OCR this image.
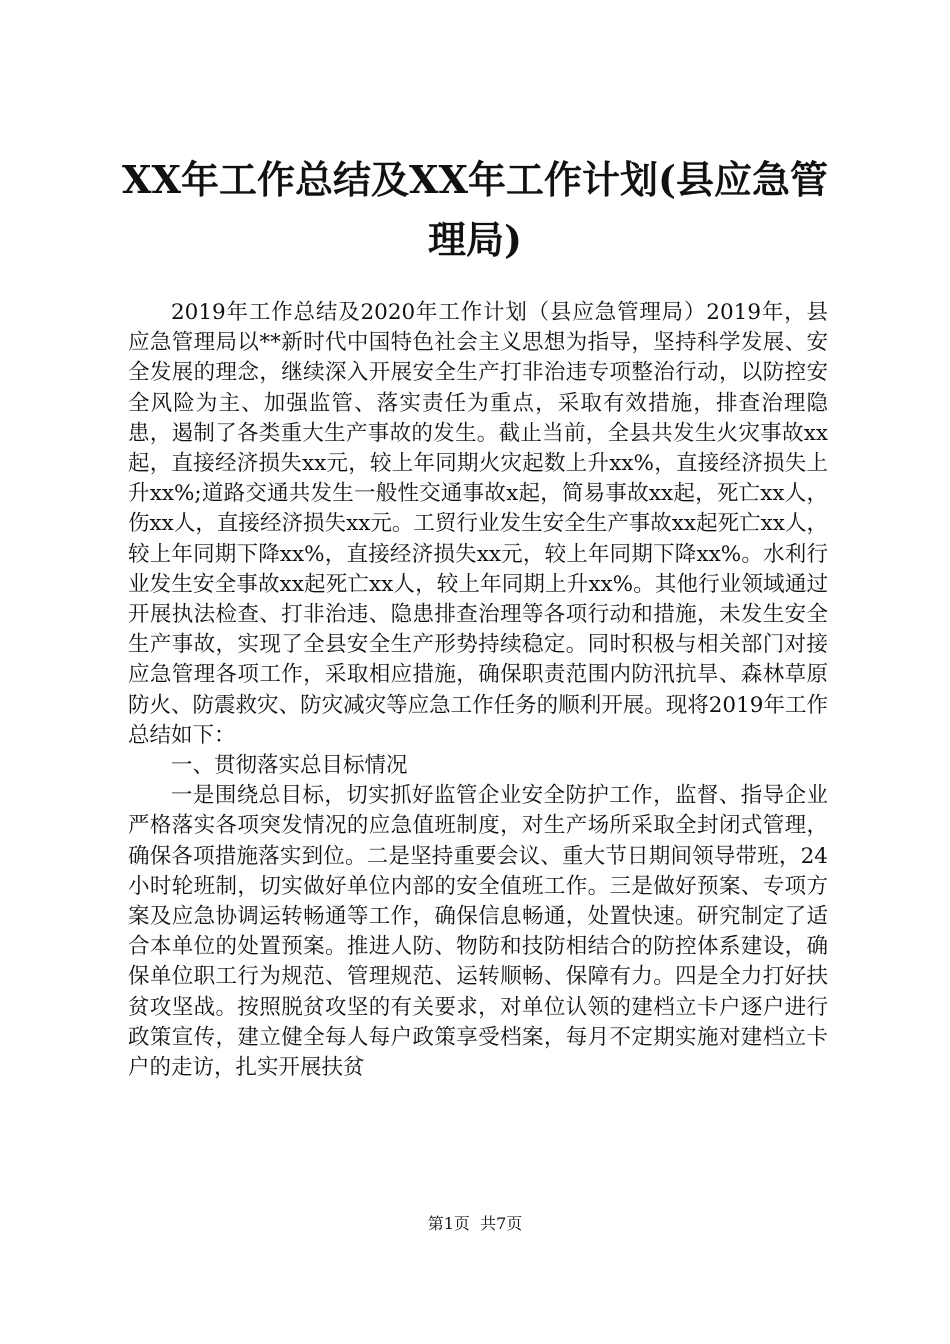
XX年工作总结及XX年工作计划(县应急管理局)

2019年工作总结及2020年工作计划（县应急管理局）2019年，县应急管理局以**新时代中国特色社会主义思想为指导，坚持科学发展、安全发展的理念，继续深入开展安全生产打非治违专项整治行动，以防控安全风险为主、加强监管、落实责任为重点，采取有效措施，排查治理隐患，遏制了各类重大生产事故的发生。截止当前，全县共发生火灾事故xx起，直接经济损失xx元，较上年同期火灾起数上升xx%，直接经济损失上升xx%;道路交通共发生一般性交通事故x起，简易事故xx起，死亡xx人，伤xx人，直接经济损失xx元。工贸行业发生安全生产事故xx起死亡xx人，较上年同期下降xx%，直接经济损失xx元，较上年同期下降xx%。水利行业发生安全事故xx起死亡xx人，较上年同期上升xx%。其他行业领域通过开展执法检查、打非治违、隐患排查治理等各项行动和措施，未发生安全生产事故，实现了全县安全生产形势持续稳定。同时积极与相关部门对接应急管理各项工作，采取相应措施，确保职责范围内防汛抗旱、森林草原防火、防震救灾、防灾减灾等应急工作任务的顺利开展。现将2019年工作总结如下：

一、贯彻落实总目标情况

一是围绕总目标，切实抓好监管企业安全防护工作，监督、指导企业严格落实各项突发情况的应急值班制度，对生产场所采取全封闭式管理，确保各项措施落实到位。二是坚持重要会议、重大节日期间领导带班，24小时轮班制，切实做好单位内部的安全值班工作。三是做好预案、专项方案及应急协调运转畅通等工作，确保信息畅通，处置快速。研究制定了适合本单位的处置预案。推进人防、物防和技防相结合的防控体系建设，确保单位职工行为规范、管理规范、运转顺畅、保障有力。四是全力打好扶贫攻坚战。按照脱贫攻坚的有关要求，对单位认领的建档立卡户逐户进行政策宣传，建立健全每人每户政策享受档案，每月不定期实施对建档立卡户的走访，扎实开展扶贫

第1页  共7页
